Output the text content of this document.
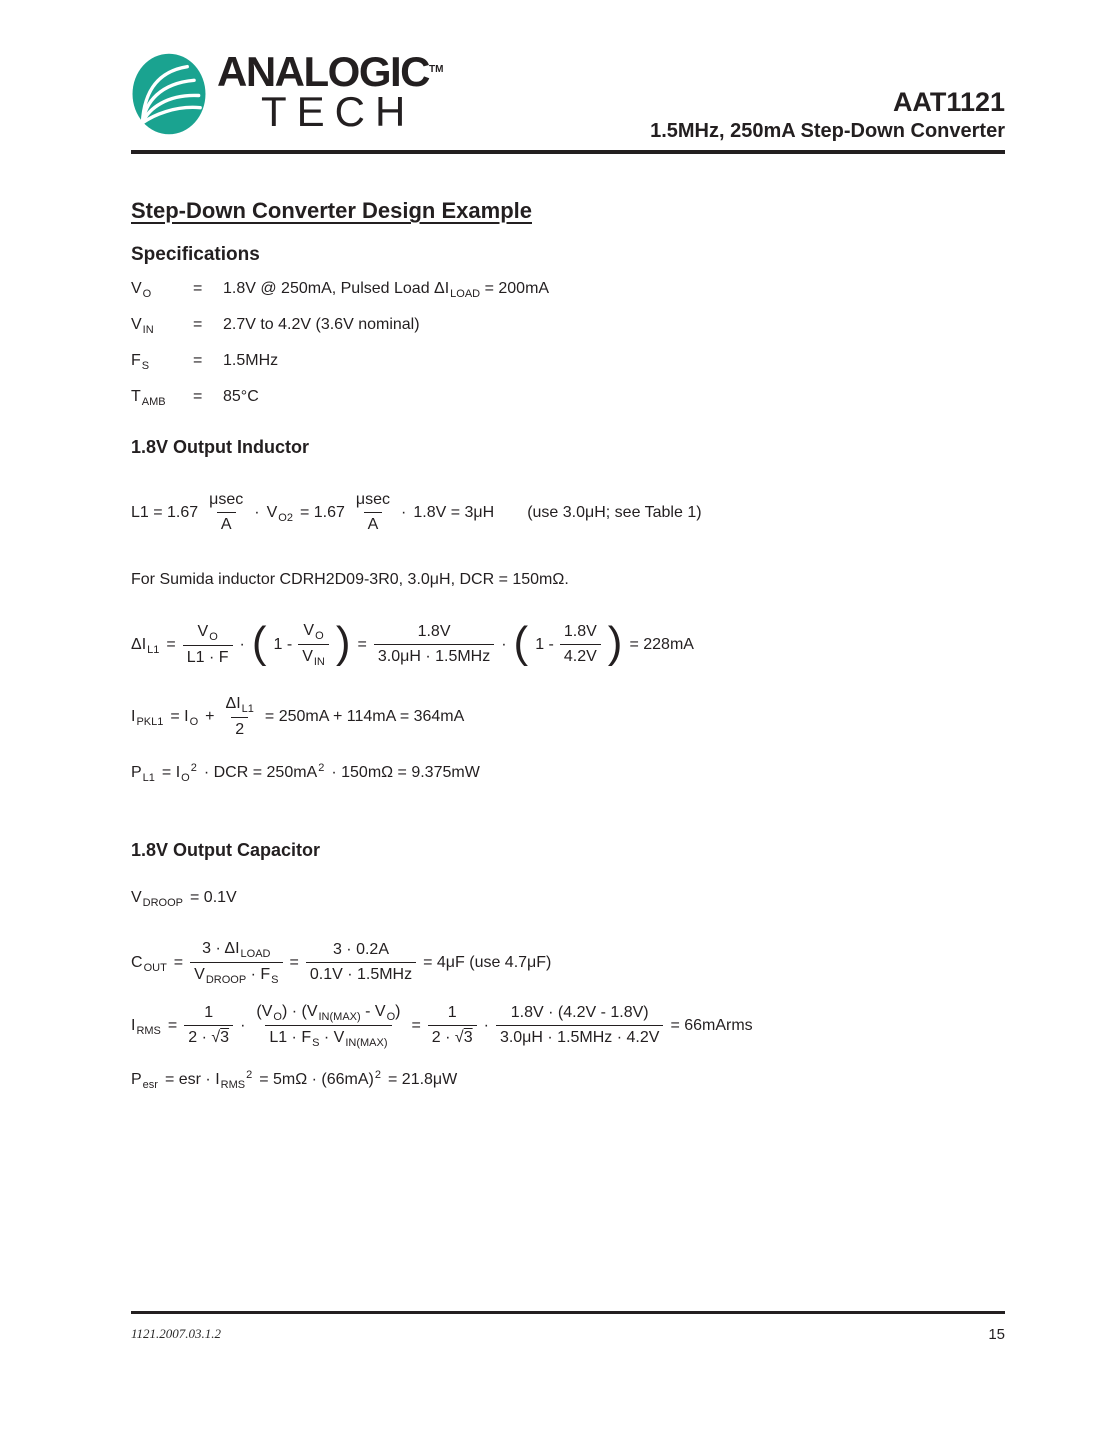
ANALOGIC™
TECH	AAT1121
1.5MHz, 250mA Step-Down Converter
Step-Down Converter Design Example
Specifications
$V_O$	=	1.8V @ 250mA, Pulsed Load $\Delta I_{LOAD} = 200mA$
$V_{IN}$	=	2.7V to 4.2V (3.6V nominal)
$F_S$	=	1.5MHz
$T_{AMB}$	=	85°C
1.8V Output Inductor
$L1 = 1.67 \frac{\mu\sec}{A} \cdot V_{O2} = 1.67 \frac{\mu\sec}{A} \cdot 1.8V = 3\mu H$ (use 3.0μH; see Table 1)
For Sumida inductor CDRH2D09-3R0, 3.0μH, DCR = 150mΩ.
$\Delta I_{L1} = \frac{V_O}{L1 \cdot F}$ · ( $1 - \frac{V_O}{V_{IN}}$ ) = $\frac{1.8V}{\text{3.0μH · 1.5MHz}}$ · ( $1 - \frac{1.8V}{4.2V}$ ) = 228mA
$I_{PKL1} = I_O + \frac{\Delta I_{L1}}{2} = 250mA + 114mA = 364mA$
$P_{L1} = I_O^2$ · DCR = $250mA^2 \cdot 150m\Omega = 9.375mW$
1.8V Output Capacitor
$V_{DROOP} = 0.1V$
$C_{OUT} = \frac{3 \cdot \Delta I_{LOAD}}{V_{DROOP} \cdot F_S} = \frac{3 \cdot 0.2A}{\text{0.1V · 1.5MHz}} = 4\mu F$ (use 4.7μF)
$I_{RMS} = \frac{1}{2 \cdot √3} \cdot \frac{(V_O) \cdot (V_{IN(MAX)} - V_O)}{L1 \cdot F_S \cdot V_{IN(MAX)}} = \frac{1}{2 \cdot √3} \cdot \frac{1.8V \cdot (4.2V - 1.8V)}{\text{3.0μH · 1.5MHz · 4.2V}}$ = 66mArms
$P_{esr}$ = esr · $I_{RMS}^2 = 5m\Omega \cdot (66mA)^2 = 21.8\mu W$
1121.2007.03.1.2	15
